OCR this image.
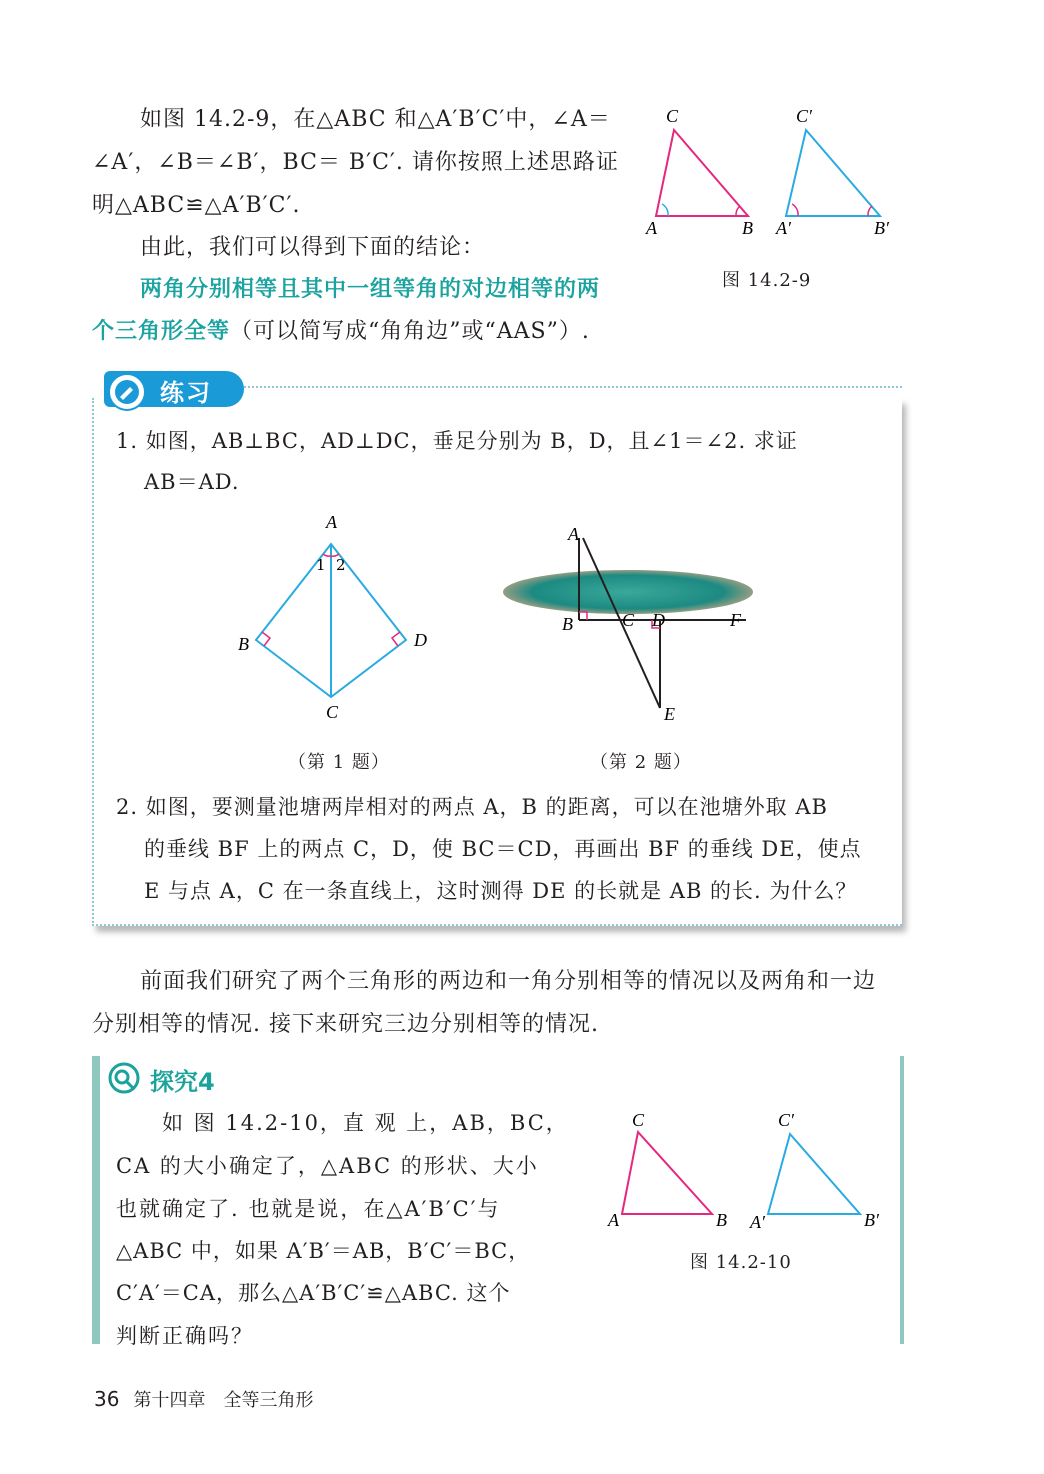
如图 14.2-9，在△ABC 和△A′B′C′中，∠A＝
∠A′，∠B＝∠B′，BC＝ B′C′. 请你按照上述思路证
明△ABC≌△A′B′C′.
由此，我们可以得到下面的结论：
两角分别相等且其中一组等角的对边相等的两
个三角形全等（可以简写成“角角边”或“AAS”）.
C
A	B
C′
A′	B′
图 14.2-9
练习
1. 如图，AB⊥BC，AD⊥DC，垂足分别为 B，D，且∠1＝∠2. 求证
AB＝AD.
A
B
C
D
1 2
（第 1 题）
A
B	C D
E
F
（第 2 题）
2. 如图，要测量池塘两岸相对的两点 A，B 的距离，可以在池塘外取 AB
的垂线 BF 上的两点 C，D，使 BC＝CD，再画出 BF 的垂线 DE，使点
E 与点 A，C 在一条直线上，这时测得 DE 的长就是 AB 的长. 为什么？
前面我们研究了两个三角形的两边和一角分别相等的情况以及两角和一边
分别相等的情况. 接下来研究三边分别相等的情况.
探究4
如 图 14.2-10，直 观 上，AB，BC，
CA 的大小确定了，△ABC 的形状、大小
也就确定了. 也就是说，在△A′B′C′与
△ABC 中，如果 A′B′＝AB，B′C′＝BC，
C′A′＝CA，那么△A′B′C′≌△ABC. 这个
判断正确吗？
C
A	B
C′
A′	B′
图 14.2-10
36 第十四章　全等三角形
